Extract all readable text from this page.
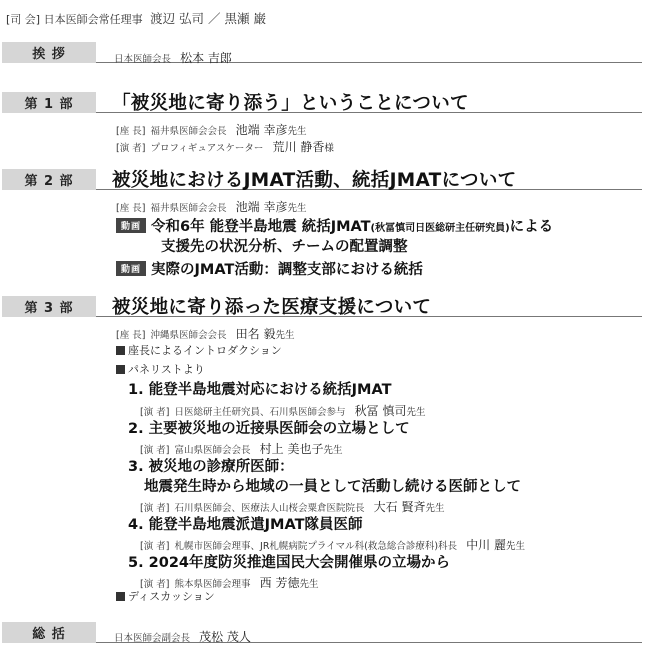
[司 会] 日本医師会常任理事 渡辺 弘司 ／ 黒瀬 巌
挨 拶	日本医師会長 松本 吉郎
第 1 部	「被災地に寄り添う」ということについて
[座 長] 福井県医師会会長 池端 幸彦先生
[演 者] プロフィギュアスケーター 荒川 静香様
第 2 部	被災地におけるJMAT活動、統括JMATについて
[座 長] 福井県医師会会長 池端 幸彦先生
動画 令和6年 能登半島地震 統括JMAT(秋冨慎司日医総研主任研究員)による
支援先の状況分析、チームの配置調整
動画 実際のJMAT活動：調整支部における統括
第 3 部	被災地に寄り添った医療支援について
[座 長] 沖縄県医師会会長 田名 毅先生
座長によるイントロダクション
パネリストより
1. 能登半島地震対応における統括JMAT
[演 者] 日医総研主任研究員、石川県医師会参与 秋冨 慎司先生
2. 主要被災地の近接県医師会の立場として
[演 者] 富山県医師会会長 村上 美也子先生
3. 被災地の診療所医師：
地震発生時から地域の一員として活動し続ける医師として
[演 者] 石川県医師会、医療法人山桜会粟倉医院院長 大石 賢斉先生
4. 能登半島地震派遣JMAT隊員医師
[演 者] 札幌市医師会理事、JR札幌病院プライマル科(救急総合診療科)科長 中川 麗先生
5. 2024年度防災推進国民大会開催県の立場から
[演 者] 熊本県医師会理事 西 芳徳先生
ディスカッション
総 括	日本医師会副会長 茂松 茂人
